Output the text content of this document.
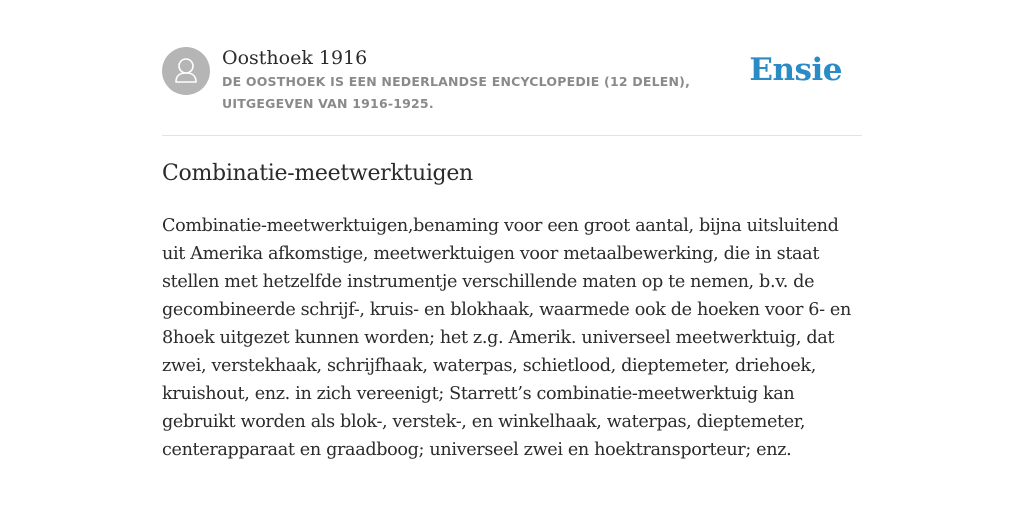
Oosthoek 1916
DE OOSTHOEK IS EEN NEDERLANDSE ENCYCLOPEDIE (12 DELEN), UITGEGEVEN VAN 1916-1925.
Ensie
Combinatie-meetwerktuigen

Combinatie-meetwerktuigen,benaming voor een groot aantal, bijna uitsluitend uit Amerika afkomstige, meetwerktuigen voor metaalbewerking, die in staat stellen met hetzelfde instrumentje verschillende maten op te nemen, b.v. de gecombineerde schrijf-, kruis- en blokhaak, waarmede ook de hoeken voor 6- en 8hoek uitgezet kunnen worden; het z.g. Amerik. universeel meetwerktuig, dat zwei, verstekhaak, schrijfhaak, waterpas, schietlood, dieptemeter, driehoek, kruishout, enz. in zich vereenigt; Starrett’s combinatie-meetwerktuig kan gebruikt worden als blok-, verstek-, en winkelhaak, waterpas, dieptemeter, centerapparaat en graadboog; universeel zwei en hoektransporteur; enz.
